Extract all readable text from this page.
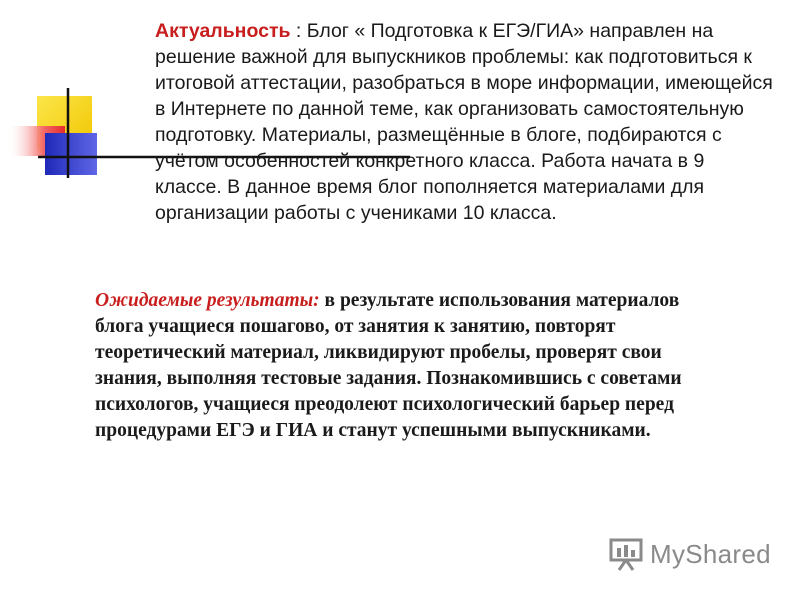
Актуальность : Блог « Подготовка к ЕГЭ/ГИА» направлен на решение важной для выпускников проблемы: как подготовиться к итоговой аттестации, разобраться в море информации, имеющейся в Интернете по данной теме, как организовать самостоятельную подготовку. Материалы, размещённые в блоге, подбираются с учётом особенностей конкретного класса. Работа начата в 9 классе. В данное время блог пополняется материалами для организации работы с учениками 10 класса.
Ожидаемые результаты: в результате использования материалов блога учащиеся пошагово, от занятия к занятию, повторят теоретический материал, ликвидируют пробелы, проверят свои знания, выполняя тестовые задания. Познакомившись с советами психологов, учащиеся преодолеют психологический барьер перед процедурами ЕГЭ и ГИА и станут успешными выпускниками.
MyShared
